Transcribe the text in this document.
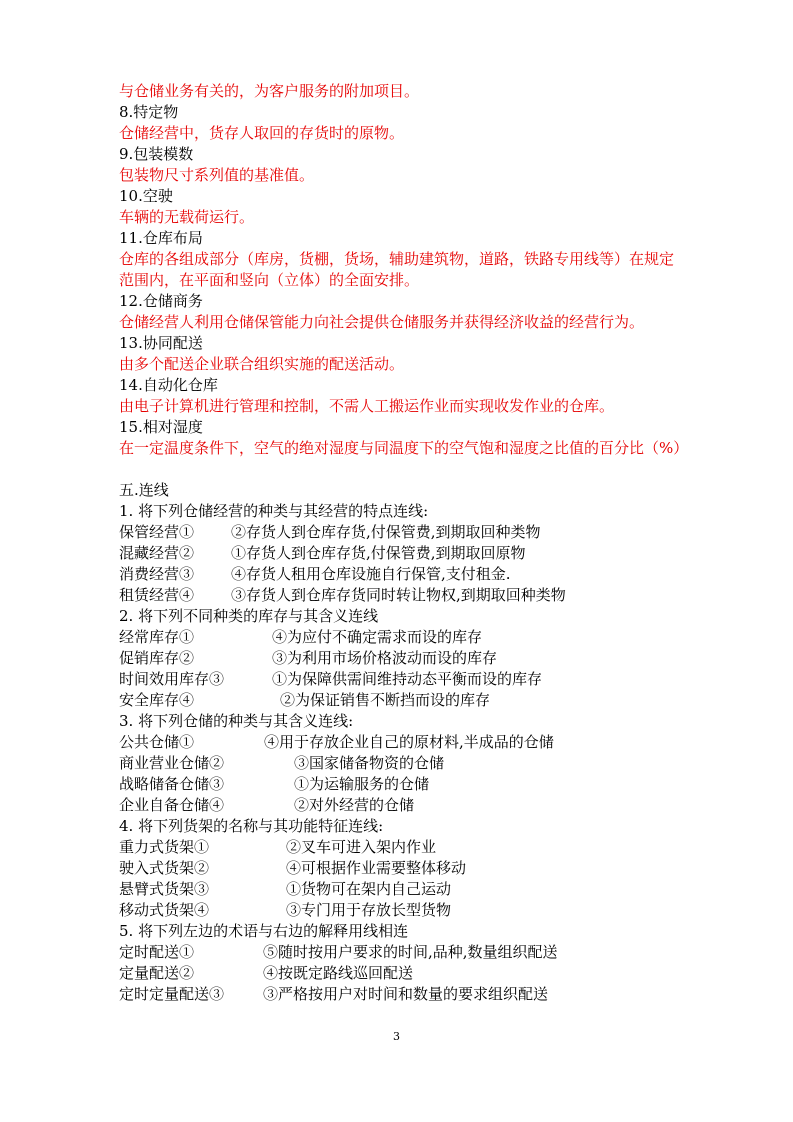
与仓储业务有关的，为客户服务的附加项目。
8.特定物
仓储经营中，货存人取回的存货时的原物。
9.包装模数
包装物尺寸系列值的基准值。
10.空驶
车辆的无载荷运行。
11.仓库布局
仓库的各组成部分（库房，货棚，货场，辅助建筑物，道路，铁路专用线等）在规定范围内，在平面和竖向（立体）的全面安排。
12.仓储商务
仓储经营人利用仓储保管能力向社会提供仓储服务并获得经济收益的经营行为。
13.协同配送
由多个配送企业联合组织实施的配送活动。
14.自动化仓库
由电子计算机进行管理和控制，不需人工搬运作业而实现收发作业的仓库。
15.相对湿度
在一定温度条件下，空气的绝对湿度与同温度下的空气饱和湿度之比值的百分比（%）
五.连线
1. 将下列仓储经营的种类与其经营的特点连线:
保管经营① ②存货人到仓库存货,付保管费,到期取回种类物
混藏经营② ①存货人到仓库存货,付保管费,到期取回原物
消费经营③ ④存货人租用仓库设施自行保管,支付租金.
租赁经营④ ③存货人到仓库存货同时转让物权,到期取回种类物
2. 将下列不同种类的库存与其含义连线
经常库存①	④为应付不确定需求而设的库存
促销库存②	③为利用市场价格波动而设的库存
时间效用库存③	①为保障供需间维持动态平衡而设的库存
安全库存④	②为保证销售不断挡而设的库存
3. 将下列仓储的种类与其含义连线:
公共仓储①	④用于存放企业自己的原材料,半成品的仓储
商业营业仓储②	③国家储备物资的仓储
战略储备仓储③	①为运输服务的仓储
企业自备仓储④	②对外经营的仓储
4. 将下列货架的名称与其功能特征连线:
重力式货架①	②叉车可进入架内作业
驶入式货架②	④可根据作业需要整体移动
悬臂式货架③	①货物可在架内自己运动
移动式货架④	③专门用于存放长型货物
5. 将下列左边的术语与右边的解释用线相连
定时配送①	⑤随时按用户要求的时间,品种,数量组织配送
定量配送②	④按既定路线巡回配送
定时定量配送③	③严格按用户对时间和数量的要求组织配送
3
